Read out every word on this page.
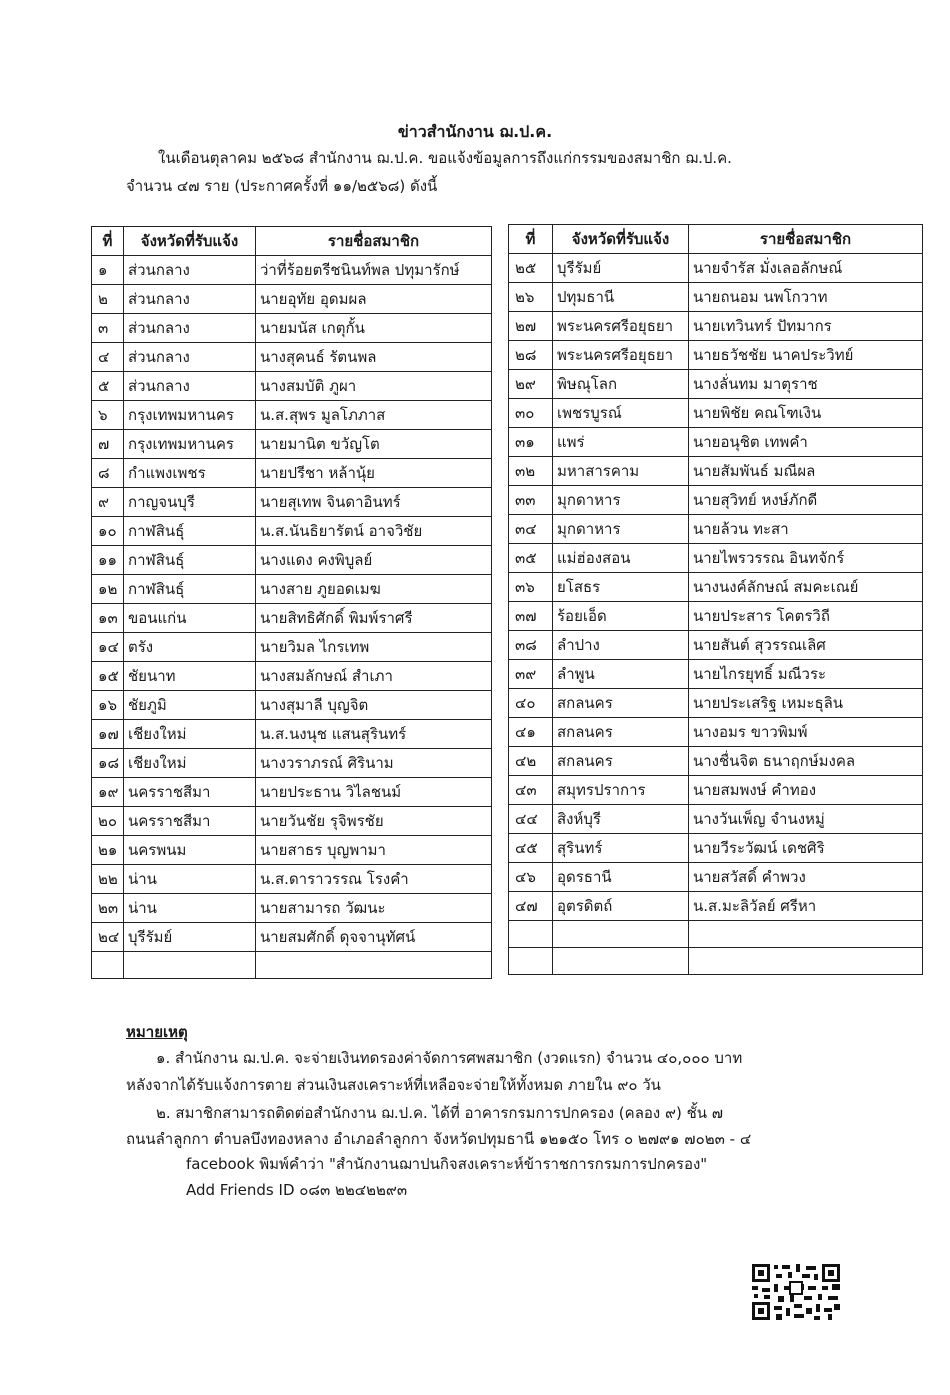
ข่าวสำนักงาน ฌ.ป.ค.
ในเดือนตุลาคม ๒๕๖๘ สำนักงาน ฌ.ป.ค. ขอแจ้งข้อมูลการถึงแก่กรรมของสมาชิก ฌ.ป.ค.
จำนวน ๔๗ ราย (ประกาศครั้งที่ ๑๑/๒๕๖๘) ดังนี้
ที่	จังหวัดที่รับแจ้ง	รายชื่อสมาชิก
๑	ส่วนกลาง	ว่าที่ร้อยตรีชนินท์พล ปทุมารักษ์
๒	ส่วนกลาง	นายอุทัย อุดมผล
๓	ส่วนกลาง	นายมนัส เกตุกั้น
๔	ส่วนกลาง	นางสุคนธ์ รัตนพล
๕	ส่วนกลาง	นางสมบัติ ภูผา
๖	กรุงเทพมหานคร	น.ส.สุพร มูลโภภาส
๗	กรุงเทพมหานคร	นายมานิต ขวัญโต
๘	กำแพงเพชร	นายปรีชา หล้านุ้ย
๙	กาญจนบุรี	นายสุเทพ จินดาอินทร์
๑๐	กาฬสินธุ์	น.ส.นันธิยารัตน์ อาจวิชัย
๑๑	กาฬสินธุ์	นางแดง คงพิบูลย์
๑๒	กาฬสินธุ์	นางสาย ภูยอดเมฆ
๑๓	ขอนแก่น	นายสิทธิศักดิ์ พิมพ์ราศรี
๑๔	ตรัง	นายวิมล ไกรเทพ
๑๕	ชัยนาท	นางสมลักษณ์ สำเภา
๑๖	ชัยภูมิ	นางสุมาลี บุญจิต
๑๗	เชียงใหม่	น.ส.นงนุช แสนสุรินทร์
๑๘	เชียงใหม่	นางวราภรณ์ ศิรินาม
๑๙	นครราชสีมา	นายประธาน วิไลชนม์
๒๐	นครราชสีมา	นายวันชัย รุจิพรชัย
๒๑	นครพนม	นายสาธร บุญพามา
๒๒	น่าน	น.ส.ดาราวรรณ โรงคำ
๒๓	น่าน	นายสามารถ วัฒนะ
๒๔	บุรีรัมย์	นายสมศักดิ์ ดุจจานุทัศน์

ที่	จังหวัดที่รับแจ้ง	รายชื่อสมาชิก
๒๕	บุรีรัมย์	นายจำรัส มั่งเลอลักษณ์
๒๖	ปทุมธานี	นายถนอม นพโกวาท
๒๗	พระนครศรีอยุธยา	นายเทวินทร์ ปัทมากร
๒๘	พระนครศรีอยุธยา	นายธวัชชัย นาคประวิทย์
๒๙	พิษณุโลก	นางลั่นทม มาตุราช
๓๐	เพชรบูรณ์	นายพิชัย คณโฑเงิน
๓๑	แพร่	นายอนุชิต เทพคำ
๓๒	มหาสารคาม	นายสัมพันธ์ มณีผล
๓๓	มุกดาหาร	นายสุวิทย์ หงษ์ภักดี
๓๔	มุกดาหาร	นายล้วน ทะสา
๓๕	แม่ฮ่องสอน	นายไพรวรรณ อินทจักร์
๓๖	ยโสธร	นางนงค์ลักษณ์ สมคะเณย์
๓๗	ร้อยเอ็ด	นายประสาร โคตรวิถี
๓๘	ลำปาง	นายสันต์ สุวรรณเลิศ
๓๙	ลำพูน	นายไกรยุทธิ์ มณีวระ
๔๐	สกลนคร	นายประเสริฐ เหมะธุลิน
๔๑	สกลนคร	นางอมร ขาวพิมพ์
๔๒	สกลนคร	นางชื่นจิต ธนาฤกษ์มงคล
๔๓	สมุทรปราการ	นายสมพงษ์ คำทอง
๔๔	สิงห์บุรี	นางวันเพ็ญ จำนงหมู่
๔๕	สุรินทร์	นายวีระวัฒน์ เดชศิริ
๔๖	อุดรธานี	นายสวัสดิ์ คำพวง
๔๗	อุตรดิตถ์	น.ส.มะลิวัลย์ ศรีหา

หมายเหตุ
๑. สำนักงาน ฌ.ป.ค. จะจ่ายเงินทดรองค่าจัดการศพสมาชิก (งวดแรก) จำนวน ๔๐,๐๐๐ บาท
หลังจากได้รับแจ้งการตาย ส่วนเงินสงเคราะห์ที่เหลือจะจ่ายให้ทั้งหมด ภายใน ๙๐ วัน
๒. สมาชิกสามารถติดต่อสำนักงาน ฌ.ป.ค. ได้ที่ อาคารกรมการปกครอง (คลอง ๙) ชั้น ๗
ถนนลำลูกกา ตำบลบึงทองหลาง อำเภอลำลูกกา จังหวัดปทุมธานี ๑๒๑๕๐ โทร ๐ ๒๗๙๑ ๗๐๒๓ - ๔
facebook พิมพ์คำว่า "สำนักงานฌาปนกิจสงเคราะห์ข้าราชการกรมการปกครอง"
Add Friends ID ๐๘๓ ๒๒๔๒๒๙๓
